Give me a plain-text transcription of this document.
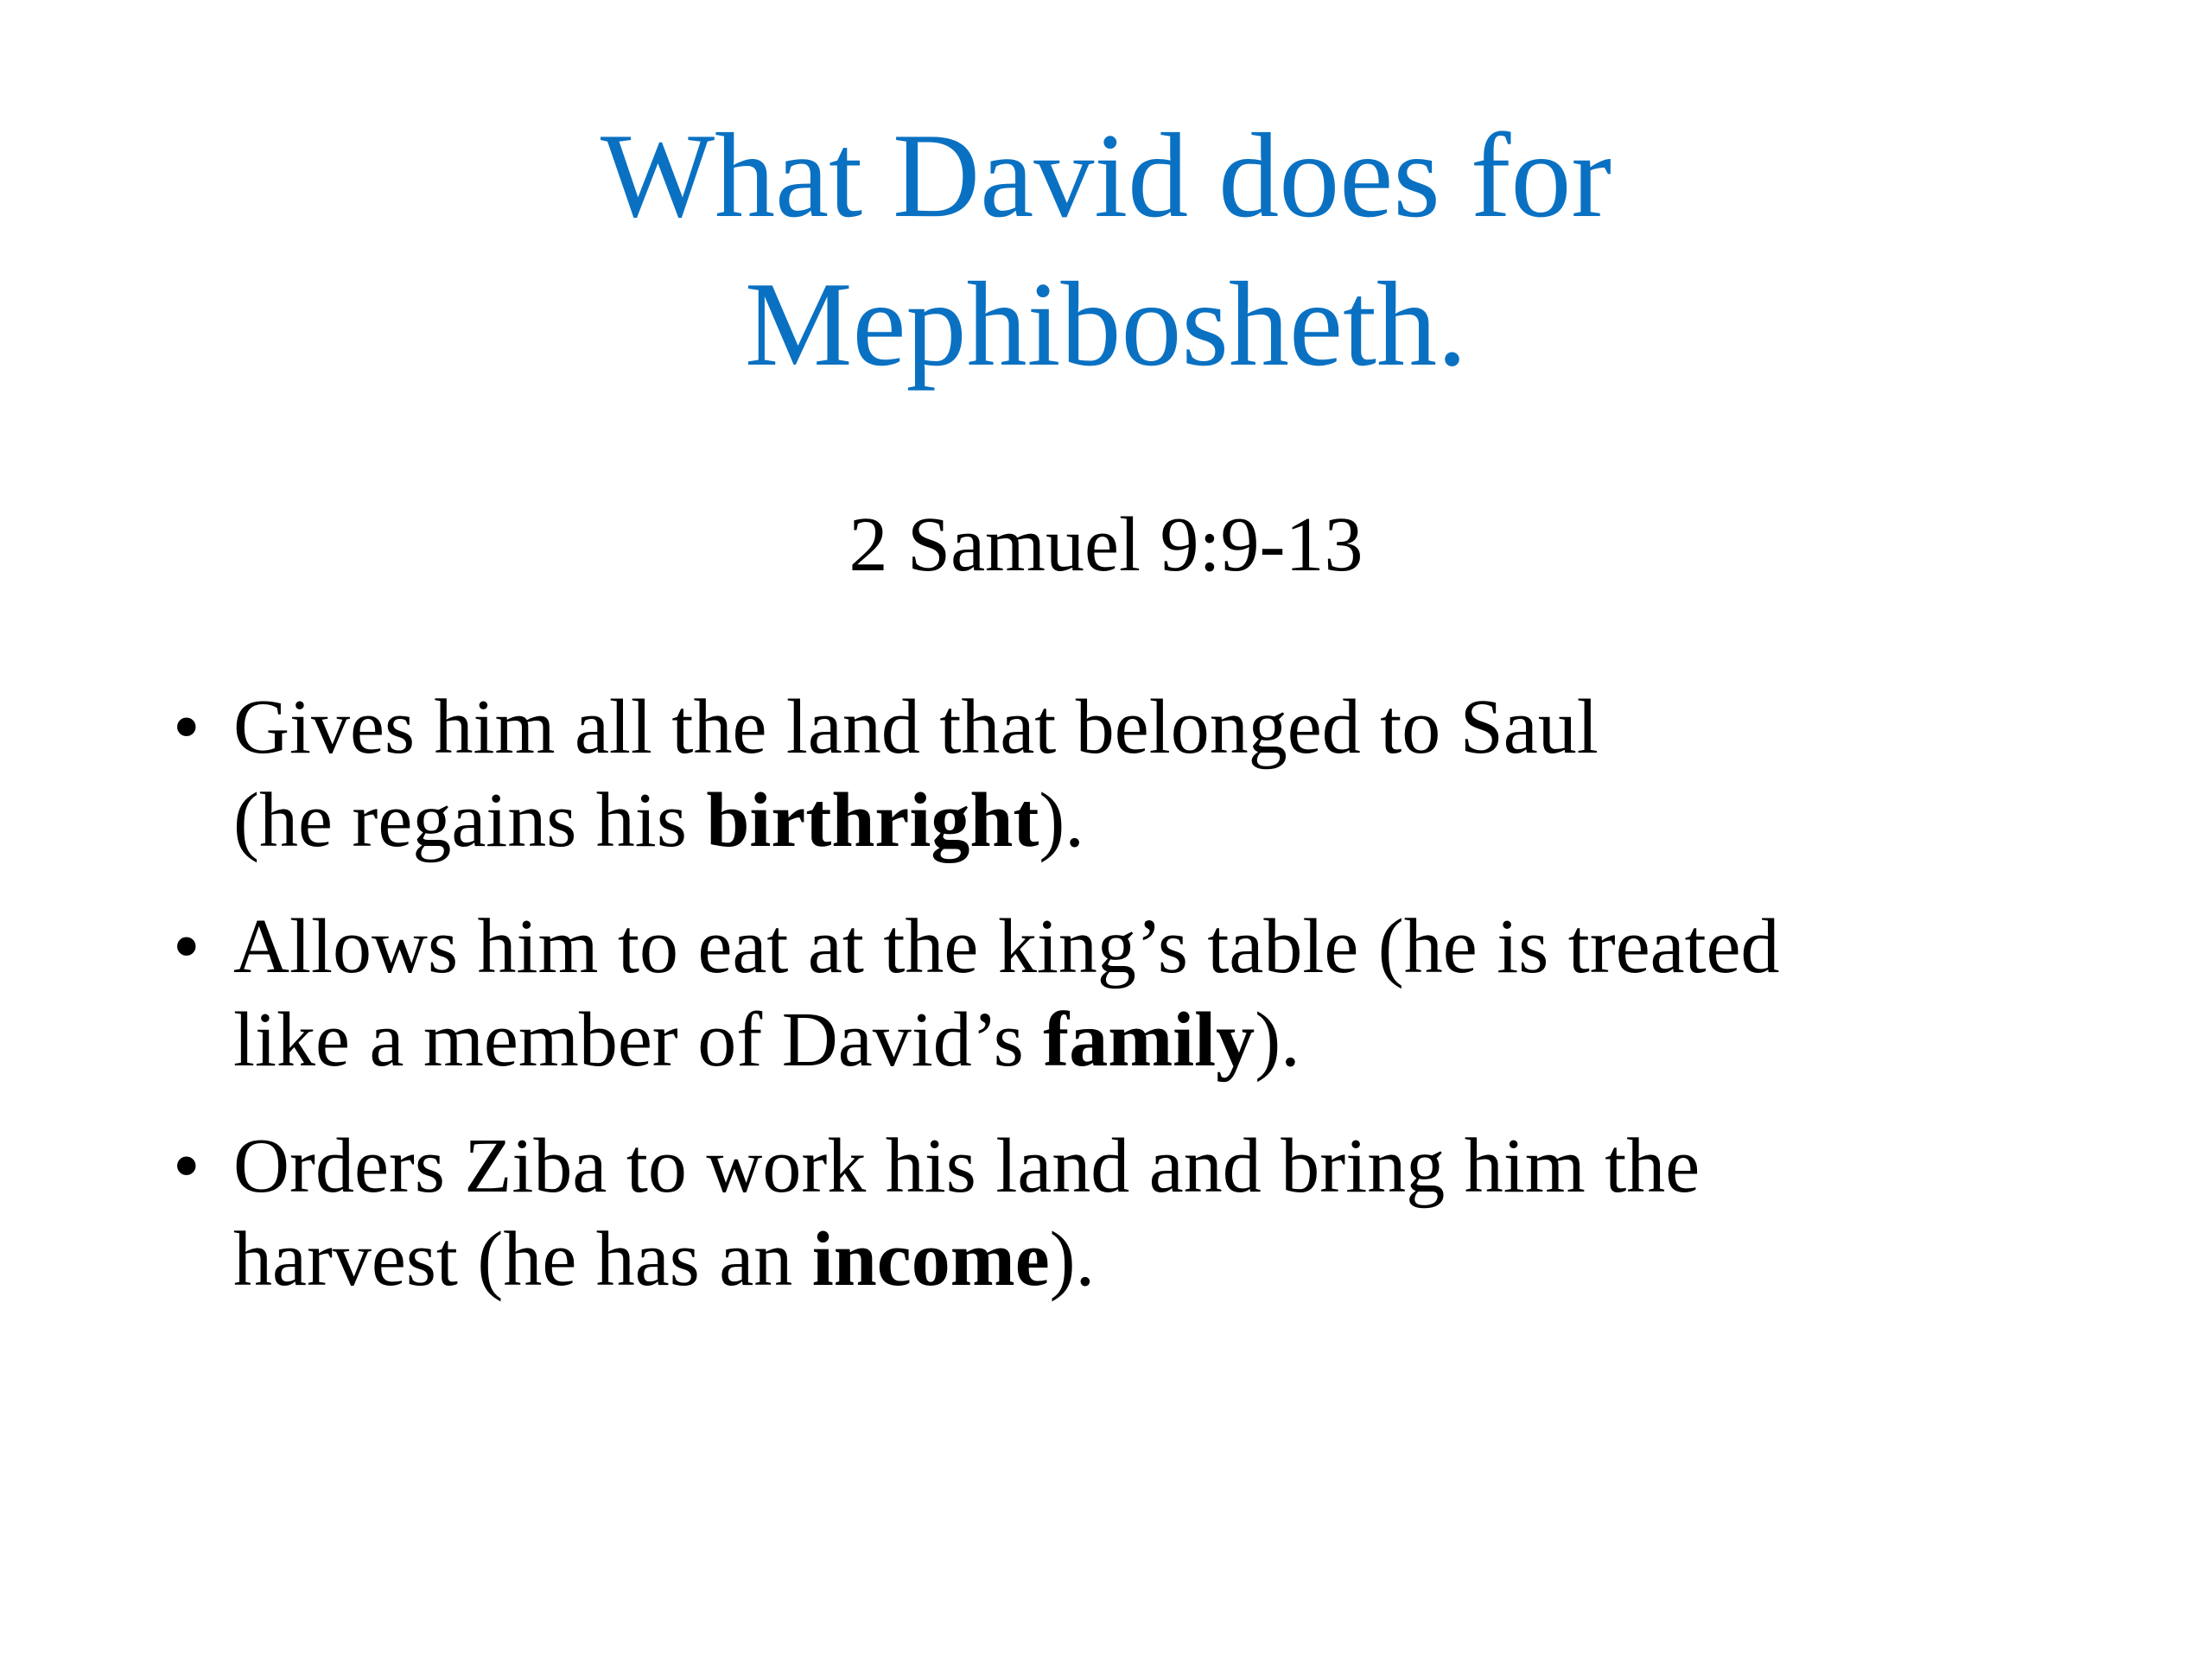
What David does for
Mephibosheth.
2 Samuel 9:9-13
• Gives him all the land that belonged to Saul
(he regains his birthright).
• Allows him to eat at the king’s table (he is treated
like a member of David’s family).
• Orders Ziba to work his land and bring him the
harvest (he has an income).
